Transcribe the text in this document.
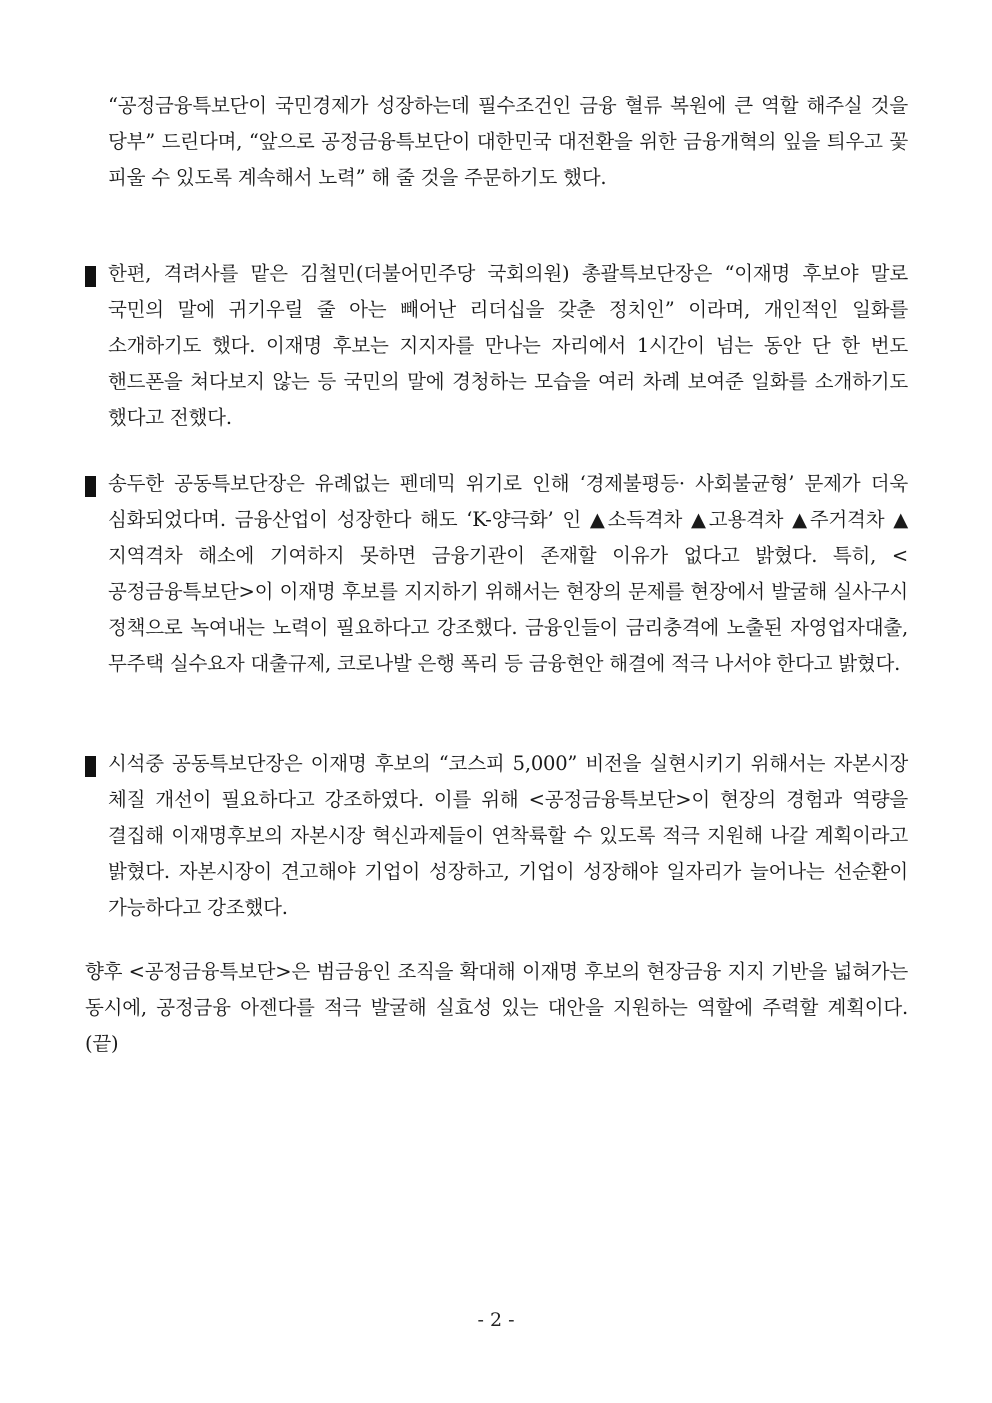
“공정금융특보단이 국민경제가 성장하는데 필수조건인 금융 혈류 복원에 큰 역할 해주실 것을 당부” 드린다며, “앞으로 공정금융특보단이 대한민국 대전환을 위한 금융개혁의 잎을 틔우고 꽃 피울 수 있도록 계속해서 노력” 해 줄 것을 주문하기도 했다.

한편, 격려사를 맡은 김철민(더불어민주당 국회의원) 총괄특보단장은 “이재명 후보야 말로 국민의 말에 귀기우릴 줄 아는 빼어난 리더십을 갖춘 정치인” 이라며, 개인적인 일화를 소개하기도 했다. 이재명 후보는 지지자를 만나는 자리에서 1시간이 넘는 동안 단 한 번도 핸드폰을 쳐다보지 않는 등 국민의 말에 경청하는 모습을 여러 차례 보여준 일화를 소개하기도 했다고 전했다.

송두한 공동특보단장은 유례없는 펜데믹 위기로 인해 ‘경제불평등· 사회불균형’ 문제가 더욱 심화되었다며. 금융산업이 성장한다 해도 ‘K-양극화’ 인 ▲소득격차 ▲고용격차 ▲주거격차 ▲지역격차 해소에 기여하지 못하면 금융기관이 존재할 이유가 없다고 밝혔다. 특히, <공정금융특보단>이 이재명 후보를 지지하기 위해서는 현장의 문제를 현장에서 발굴해 실사구시 정책으로 녹여내는 노력이 필요하다고 강조했다. 금융인들이 금리충격에 노출된 자영업자대출, 무주택 실수요자 대출규제, 코로나발 은행 폭리 등 금융현안 해결에 적극 나서야 한다고 밝혔다.

시석중 공동특보단장은 이재명 후보의 “코스피 5,000” 비전을 실현시키기 위해서는 자본시장 체질 개선이 필요하다고 강조하였다. 이를 위해 <공정금융특보단>이 현장의 경험과 역량을 결집해 이재명후보의 자본시장 혁신과제들이 연착륙할 수 있도록 적극 지원해 나갈 계획이라고 밝혔다. 자본시장이 견고해야 기업이 성장하고, 기업이 성장해야 일자리가 늘어나는 선순환이 가능하다고 강조했다.

향후 <공정금융특보단>은 범금융인 조직을 확대해 이재명 후보의 현장금융 지지 기반을 넓혀가는 동시에, 공정금융 아젠다를 적극 발굴해 실효성 있는 대안을 지원하는 역할에 주력할 계획이다. (끝)

- 2 -
